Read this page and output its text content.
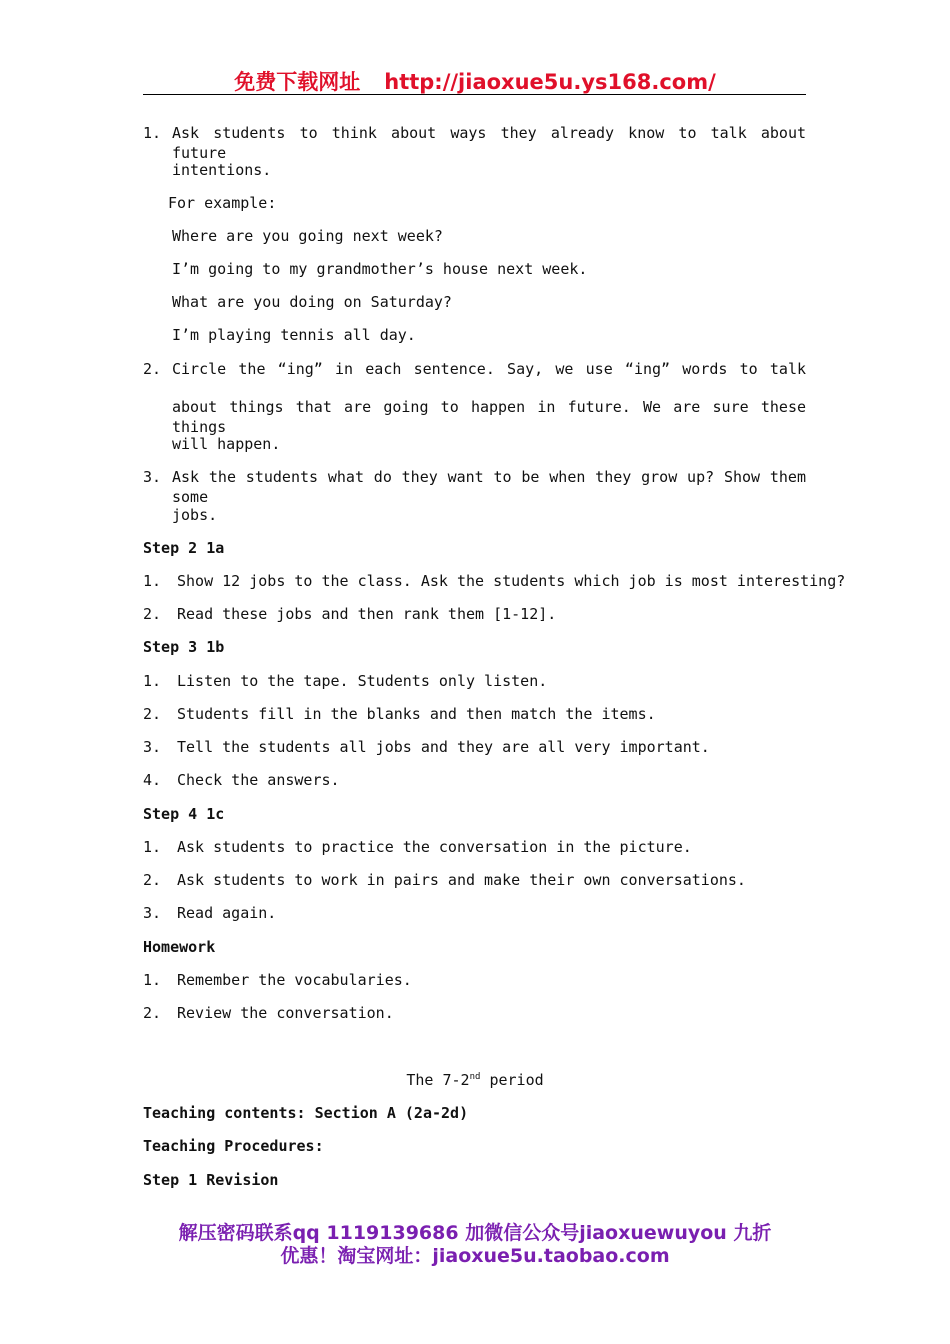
免费下载网址 http://jiaoxue5u.ys168.com/
1. Ask students to think about ways they already know to talk about future
intentions.
For example:
Where are you going next week?
I’m going to my grandmother’s house next week.
What are you doing on Saturday?
I’m playing tennis all day.
2. Circle the “ing” in each sentence. Say, we use “ing” words to talk
about things that are going to happen in future. We are sure these things
will happen.
3. Ask the students what do they want to be when they grow up? Show them some
jobs.
Step 2 1a
1. Show 12 jobs to the class. Ask the students which job is most interesting?
2. Read these jobs and then rank them [1-12].
Step 3 1b
1. Listen to the tape. Students only listen.
2. Students fill in the blanks and then match the items.
3. Tell the students all jobs and they are all very important.
4. Check the answers.
Step 4 1c
1. Ask students to practice the conversation in the picture.
2. Ask students to work in pairs and make their own conversations.
3. Read again.
Homework
1. Remember the vocabularies.
2. Review the conversation.
The 7-2nd period
Teaching contents: Section A (2a-2d)
Teaching Procedures:
Step 1 Revision
解压密码联系qq 1119139686 加微信公众号jiaoxuewuyou 九折
优惠！淘宝网址：jiaoxue5u.taobao.com
